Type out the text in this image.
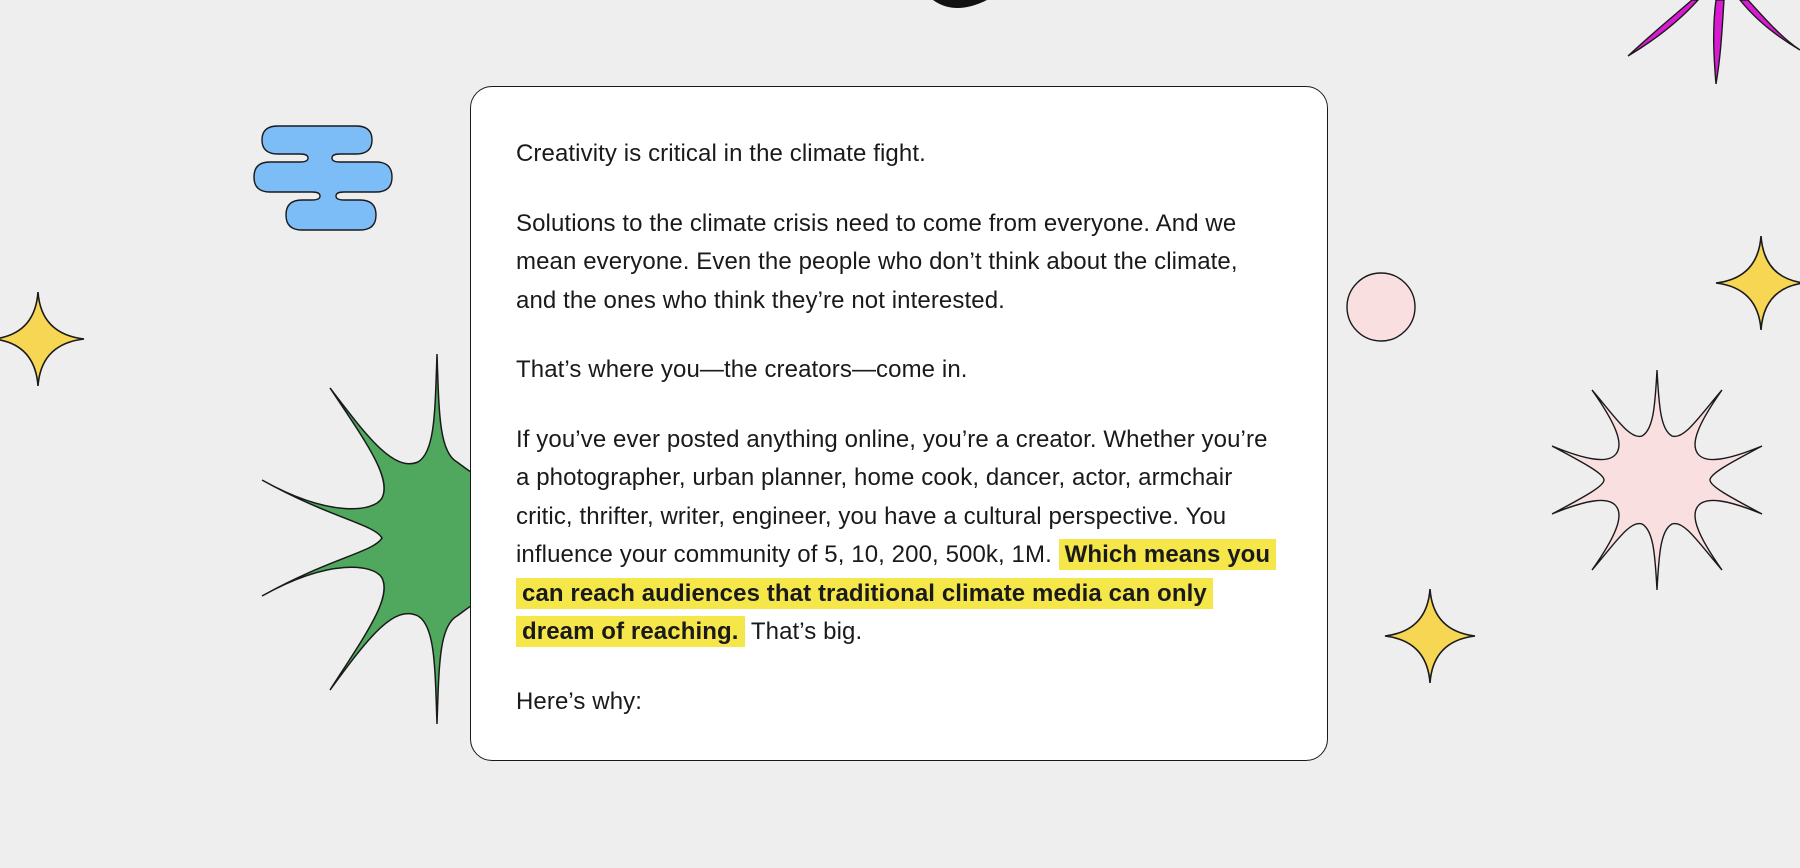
Creativity is critical in the climate fight.

Solutions to the climate crisis need to come from everyone. And we mean everyone. Even the people who don’t think about the climate, and the ones who think they’re not interested.

That’s where you—the creators—come in.

If you’ve ever posted anything online, you’re a creator. Whether you’re a photographer, urban planner, home cook, dancer, actor, armchair critic, thrifter, writer, engineer, you have a cultural perspective. You influence your community of 5, 10, 200, 500k, 1M. Which means you can reach audiences that traditional climate media can only dream of reaching. That’s big.

Here’s why:
